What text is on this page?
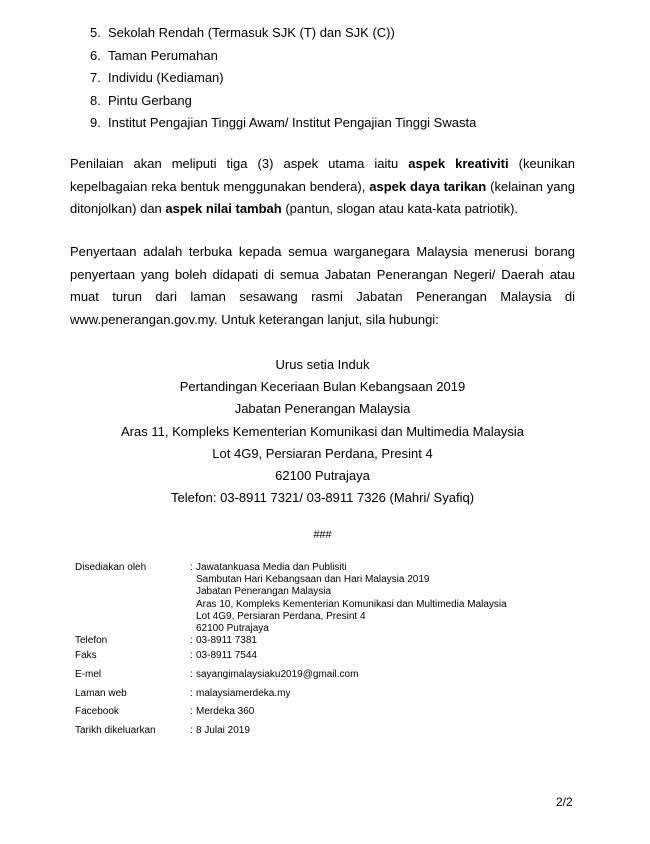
5. Sekolah Rendah (Termasuk SJK (T) dan SJK (C))
6. Taman Perumahan
7. Individu (Kediaman)
8. Pintu Gerbang
9. Institut Pengajian Tinggi Awam/ Institut Pengajian Tinggi Swasta
Penilaian akan meliputi tiga (3) aspek utama iaitu aspek kreativiti (keunikan kepelbagaian reka bentuk menggunakan bendera), aspek daya tarikan (kelainan yang ditonjolkan) dan aspek nilai tambah (pantun, slogan atau kata-kata patriotik).
Penyertaan adalah terbuka kepada semua warganegara Malaysia menerusi borang penyertaan yang boleh didapati di semua Jabatan Penerangan Negeri/ Daerah atau muat turun dari laman sesawang rasmi Jabatan Penerangan Malaysia di www.penerangan.gov.my. Untuk keterangan lanjut, sila hubungi:
Urus setia Induk
Pertandingan Keceriaan Bulan Kebangsaan 2019
Jabatan Penerangan Malaysia
Aras 11, Kompleks Kementerian Komunikasi dan Multimedia Malaysia
Lot 4G9, Persiaran Perdana, Presint 4
62100 Putrajaya
Telefon: 03-8911 7321/ 03-8911 7326 (Mahri/ Syafiq)
###
Disediakan oleh	: Jawatankuasa Media dan Publisiti
Sambutan Hari Kebangsaan dan Hari Malaysia 2019
Jabatan Penerangan Malaysia
Aras 10, Kompleks Kementerian Komunikasi dan Multimedia Malaysia
Lot 4G9, Persiaran Perdana, Presint 4
62100 Putrajaya
Telefon	: 03-8911 7381
Faks	: 03-8911 7544
E-mel	: sayangimalaysiaku2019@gmail.com
Laman web	: malaysiamerdeka.my
Facebook	: Merdeka 360
Tarikh dikeluarkan	: 8 Julai 2019
2/2
